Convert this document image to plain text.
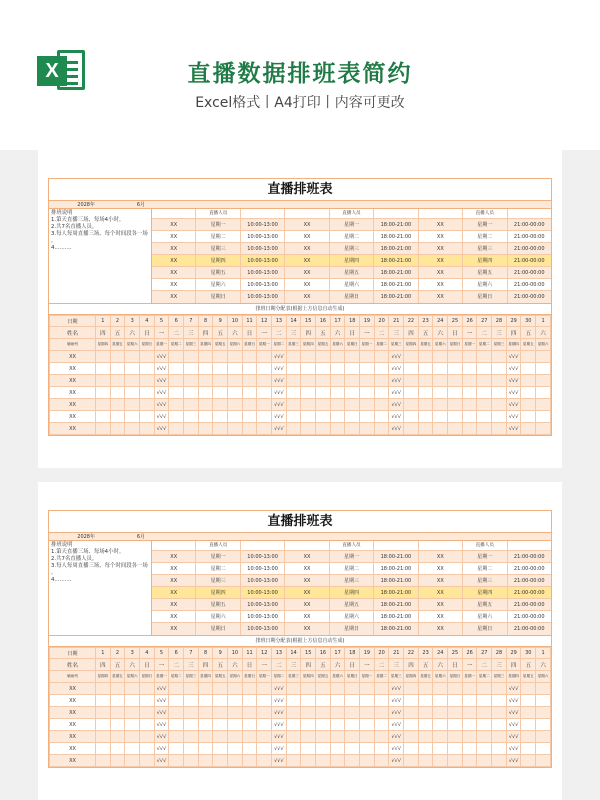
X	直播数据排班表简约
Excel格式丨A4打印丨内容可更改
直播排班表
2028年	6月
排班说明
1.第天直播三场、每场4小时。
2.共7名直播人员。
3.每人每周直播三场、每个时间段各一场
。
4..........
直播人员	直播人员	直播人员
XX	星期一	10:00-13:00	XX	星期一	18:00-21:00	XX	星期一	21:00-00:00
XX	星期二	10:00-13:00	XX	星期二	18:00-21:00	XX	星期二	21:00-00:00
XX	星期三	10:00-13:00	XX	星期三	18:00-21:00	XX	星期三	21:00-00:00
XX	星期四	10:00-13:00	XX	星期四	18:00-21:00	XX	星期四	21:00-00:00
XX	星期五	10:00-13:00	XX	星期五	18:00-21:00	XX	星期五	21:00-00:00
XX	星期六	10:00-13:00	XX	星期六	18:00-21:00	XX	星期六	21:00-00:00
XX	星期日	10:00-13:00	XX	星期日	18:00-21:00	XX	星期日	21:00-00:00
排班日期分配表(根据上方信息自动生成)
日期	1	2	3	4	5	6	7	8	9	10	11	12	13	14	15	16	17	18	19	20	21	22	23	24	25	26	27	28	29	30	1
姓名	四	五	六	日	一	二	三	四	五	六	日	一	二	三	四	五	六	日	一	二	三	四	五	六	日	一	二	三	四	五	六
辅助列	星期四	星期五	星期六	星期日	星期一	星期二	星期三	星期四	星期五	星期六	星期日	星期一	星期二	星期三	星期四	星期五	星期六	星期日	星期一	星期二	星期三	星期四	星期五	星期六	星期日	星期一	星期二	星期三	星期四	星期五	星期六
XX					√√√								√√√								√√√								√√√		
XX					√√√								√√√								√√√								√√√		
XX					√√√								√√√								√√√								√√√		
XX					√√√								√√√								√√√								√√√		
XX					√√√								√√√								√√√								√√√		
XX					√√√								√√√								√√√								√√√		
XX					√√√								√√√								√√√								√√√		
直播排班表
2028年	6月
排班说明
1.第天直播三场、每场4小时。
2.共7名直播人员。
3.每人每周直播三场、每个时间段各一场
。
4..........
直播人员	直播人员	直播人员
XX	星期一	10:00-13:00	XX	星期一	18:00-21:00	XX	星期一	21:00-00:00
XX	星期二	10:00-13:00	XX	星期二	18:00-21:00	XX	星期二	21:00-00:00
XX	星期三	10:00-13:00	XX	星期三	18:00-21:00	XX	星期三	21:00-00:00
XX	星期四	10:00-13:00	XX	星期四	18:00-21:00	XX	星期四	21:00-00:00
XX	星期五	10:00-13:00	XX	星期五	18:00-21:00	XX	星期五	21:00-00:00
XX	星期六	10:00-13:00	XX	星期六	18:00-21:00	XX	星期六	21:00-00:00
XX	星期日	10:00-13:00	XX	星期日	18:00-21:00	XX	星期日	21:00-00:00
排班日期分配表(根据上方信息自动生成)
日期	1	2	3	4	5	6	7	8	9	10	11	12	13	14	15	16	17	18	19	20	21	22	23	24	25	26	27	28	29	30	1
姓名	四	五	六	日	一	二	三	四	五	六	日	一	二	三	四	五	六	日	一	二	三	四	五	六	日	一	二	三	四	五	六
辅助列	星期四	星期五	星期六	星期日	星期一	星期二	星期三	星期四	星期五	星期六	星期日	星期一	星期二	星期三	星期四	星期五	星期六	星期日	星期一	星期二	星期三	星期四	星期五	星期六	星期日	星期一	星期二	星期三	星期四	星期五	星期六
XX					√√√								√√√								√√√								√√√		
XX					√√√								√√√								√√√								√√√		
XX					√√√								√√√								√√√								√√√		
XX					√√√								√√√								√√√								√√√		
XX					√√√								√√√								√√√								√√√		
XX					√√√								√√√								√√√								√√√		
XX					√√√								√√√								√√√								√√√		
